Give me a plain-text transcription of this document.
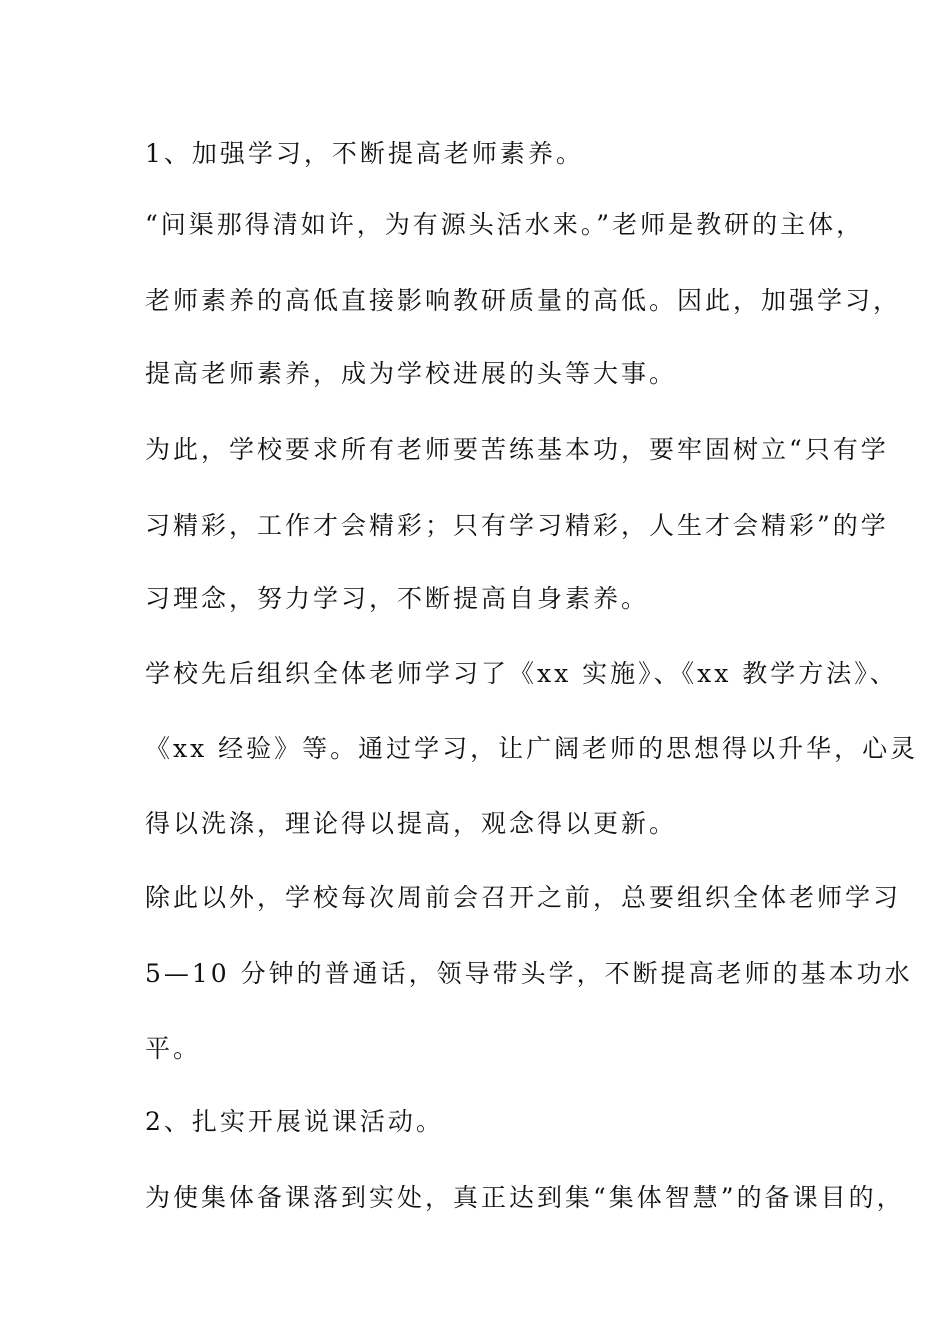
1、加强学习，不断提高老师素养。
“问渠那得清如许，为有源头活水来。”老师是教研的主体，
老师素养的高低直接影响教研质量的高低。因此，加强学习，
提高老师素养，成为学校进展的头等大事。
为此，学校要求所有老师要苦练基本功，要牢固树立“只有学
习精彩，工作才会精彩；只有学习精彩，人生才会精彩”的学
习理念，努力学习，不断提高自身素养。
学校先后组织全体老师学习了《xx 实施》、《xx 教学方法》、
《xx 经验》等。通过学习，让广阔老师的思想得以升华，心灵
得以洗涤，理论得以提高，观念得以更新。
除此以外，学校每次周前会召开之前，总要组织全体老师学习
5—10 分钟的普通话，领导带头学，不断提高老师的基本功水
平。
2、扎实开展说课活动。
为使集体备课落到实处，真正达到集“集体智慧”的备课目的，
